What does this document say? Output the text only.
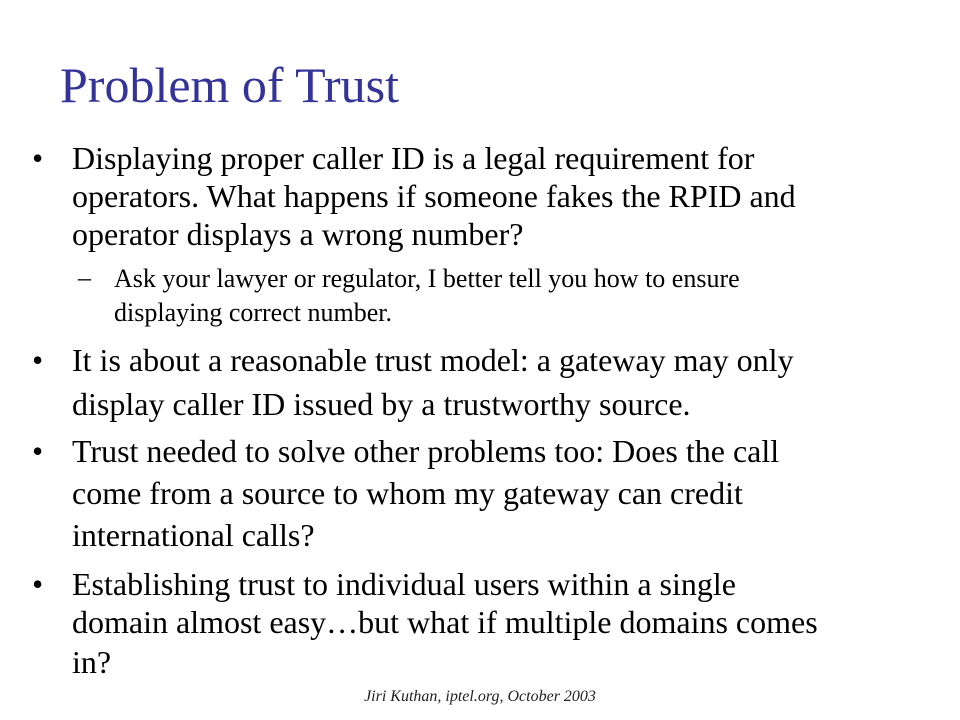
Problem of Trust
• Displaying proper caller ID is a legal requirement for
operators. What happens if someone fakes the RPID and
operator displays a wrong number?
– Ask your lawyer or regulator, I better tell you how to ensure
displaying correct number.
• It is about a reasonable trust model: a gateway may only
display caller ID issued by a trustworthy source.
• Trust needed to solve other problems too: Does the call
come from a source to whom my gateway can credit
international calls?
• Establishing trust to individual users within a single
domain almost easy…but what if multiple domains comes
in?
Jiri Kuthan, iptel.org, October 2003
